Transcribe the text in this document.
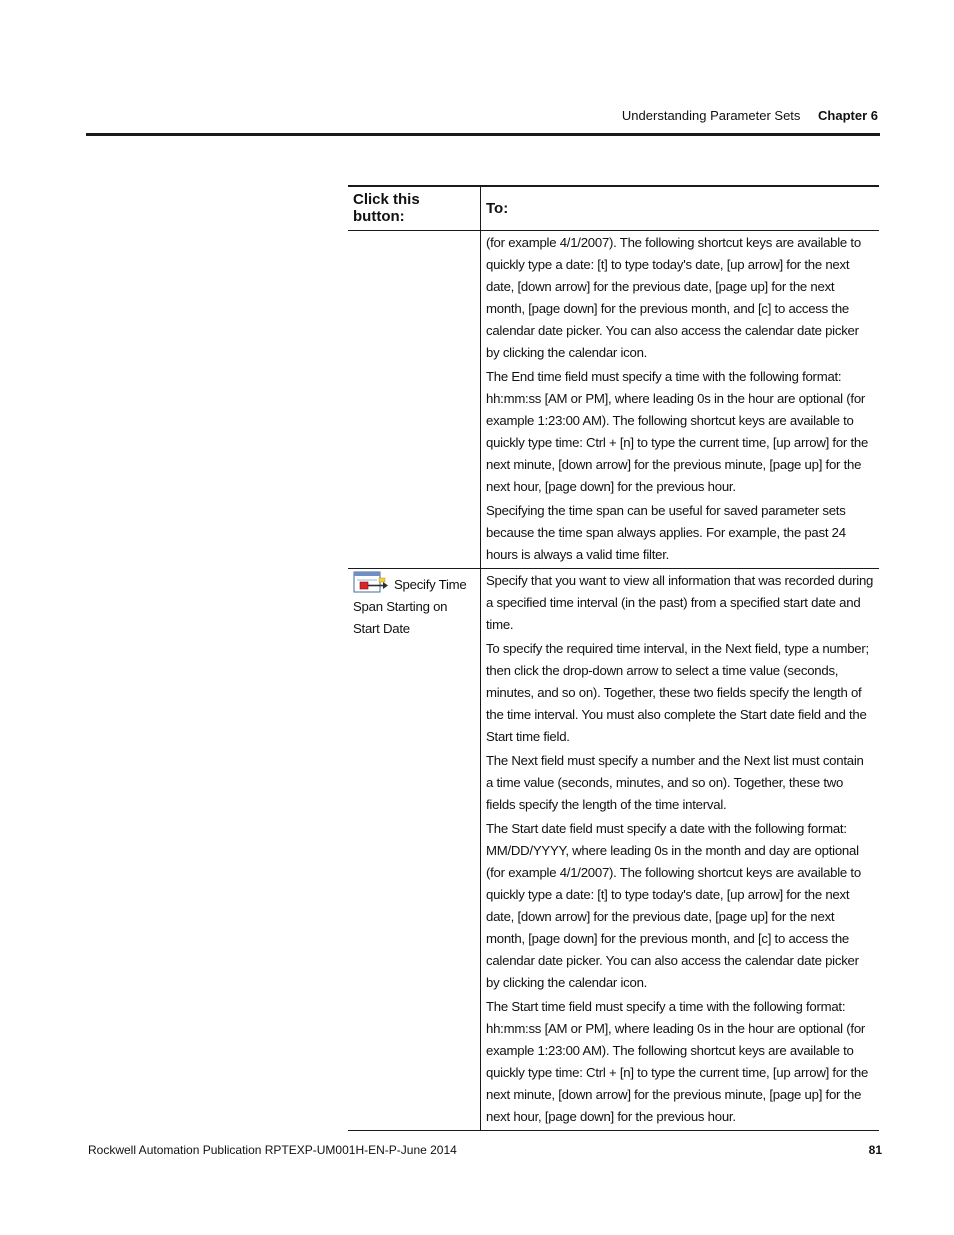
Understanding Parameter Sets Chapter 6
Click this button:	To:

	(for example 4/1/2007). The following shortcut keys are available to quickly type a date: [t] to type today's date, [up arrow] for the next date, [down arrow] for the previous date, [page up] for the next month, [page down] for the previous month, and [c] to access the calendar date picker. You can also access the calendar date picker by clicking the calendar icon.

The End time field must specify a time with the following format: hh:mm:ss [AM or PM], where leading 0s in the hour are optional (for example 1:23:00 AM). The following shortcut keys are available to quickly type time: Ctrl + [n] to type the current time, [up arrow] for the next minute, [down arrow] for the previous minute, [page up] for the next hour, [page down] for the previous hour.

Specifying the time span can be useful for saved parameter sets because the time span always applies. For example, the past 24 hours is always a valid time filter.

Specify Time Span Starting on Start Date	Specify that you want to view all information that was recorded during a specified time interval (in the past) from a specified start date and time.

To specify the required time interval, in the Next field, type a number; then click the drop-down arrow to select a time value (seconds, minutes, and so on). Together, these two fields specify the length of the time interval. You must also complete the Start date field and the Start time field.

The Next field must specify a number and the Next list must contain a time value (seconds, minutes, and so on). Together, these two fields specify the length of the time interval.

The Start date field must specify a date with the following format: MM/DD/YYYY, where leading 0s in the month and day are optional (for example 4/1/2007). The following shortcut keys are available to quickly type a date: [t] to type today's date, [up arrow] for the next date, [down arrow] for the previous date, [page up] for the next month, [page down] for the previous month, and [c] to access the calendar date picker. You can also access the calendar date picker by clicking the calendar icon.

The Start time field must specify a time with the following format: hh:mm:ss [AM or PM], where leading 0s in the hour are optional (for example 1:23:00 AM). The following shortcut keys are available to quickly type time: Ctrl + [n] to type the current time, [up arrow] for the next minute, [down arrow] for the previous minute, [page up] for the next hour, [page down] for the previous hour.

Rockwell Automation Publication RPTEXP-UM001H-EN-P-June 2014	81
